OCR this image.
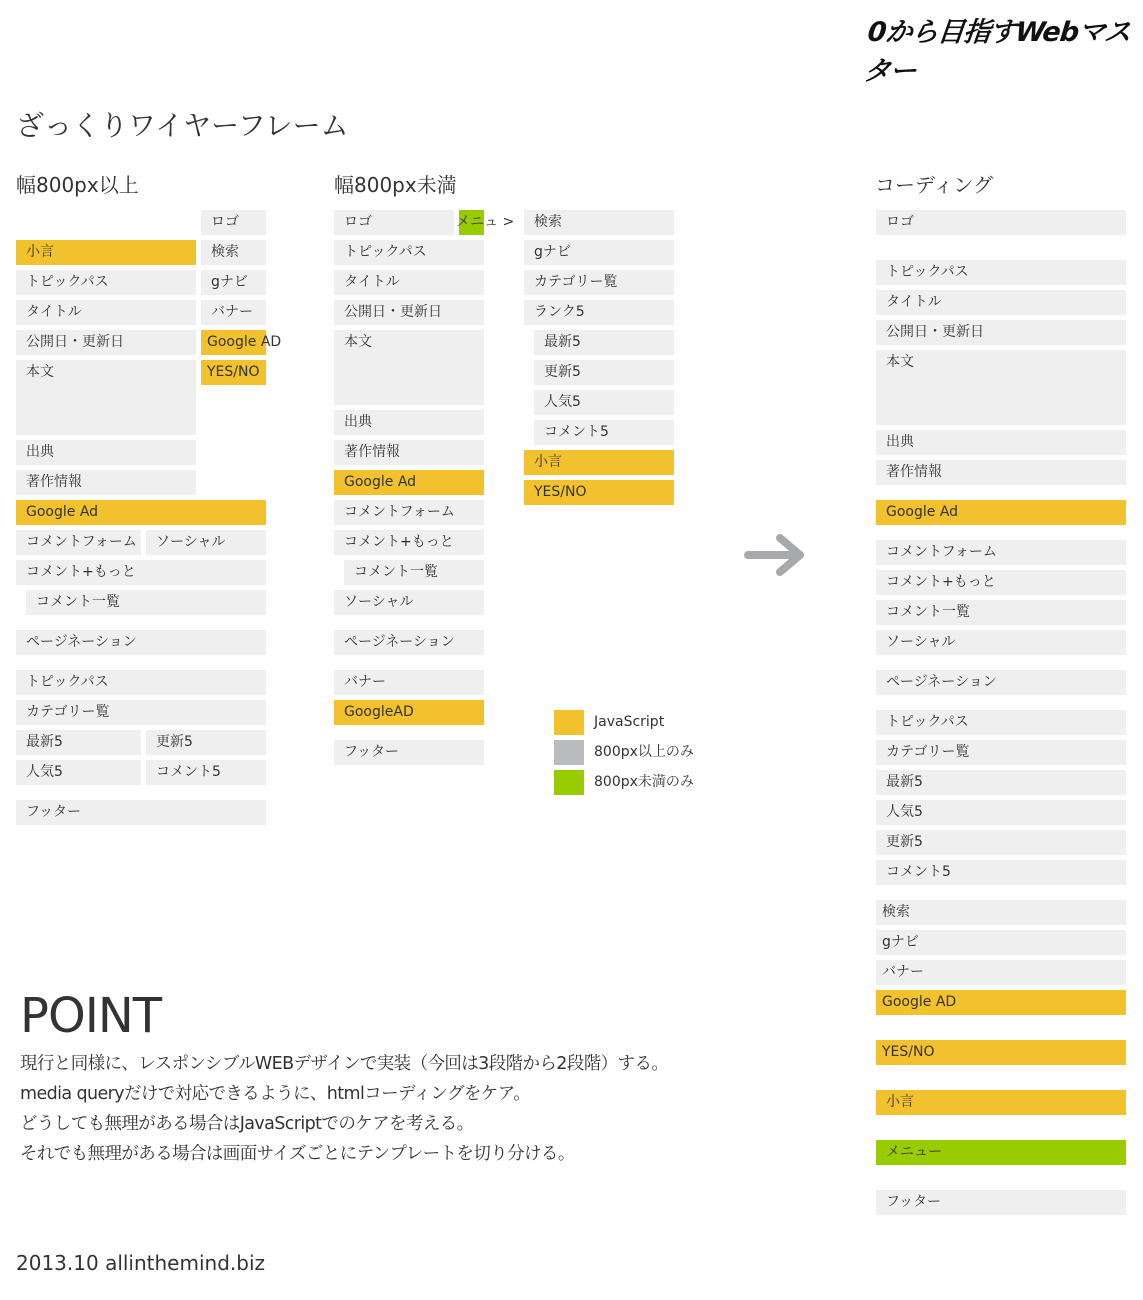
0から目指すWebマスター
ざっくりワイヤーフレーム
幅800px以上
ロゴ
小言	検索
トピックパス	gナビ
タイトル	バナー
公開日・更新日	Google AD
本文	YES/NO
出典
著作情報
Google Ad
コメントフォーム	ソーシャル
コメント+もっと
コメント一覧
ページネーション
トピックパス
カテゴリー覧
最新5	更新5
人気5	コメント5
フッター
幅800px未満
ロゴ	メニュ >
トピックパス
タイトル
公開日・更新日
本文
出典
著作情報
Google Ad
コメントフォーム
コメント+もっと
コメント一覧
ソーシャル
ページネーション
バナー
GoogleAD
フッター
検索
gナビ
カテゴリー覧
ランク5
最新5
更新5
人気5
コメント5
小言
YES/NO
JavaScript
800px以上のみ
800px未満のみ
コーディング
ロゴ
トピックパス
タイトル
公開日・更新日
本文
出典
著作情報
Google Ad
コメントフォーム
コメント+もっと
コメント一覧
ソーシャル
ページネーション
トピックパス
カテゴリー覧
最新5
人気5
更新5
コメント5
検索
gナビ
バナー
Google AD
YES/NO
小言
メニュー
フッター
POINT
現行と同様に、レスポンシブルWEBデザインで実装（今回は3段階から2段階）する。
media queryだけで対応できるように、htmlコーディングをケア。
どうしても無理がある場合はJavaScriptでのケアを考える。
それでも無理がある場合は画面サイズごとにテンプレートを切り分ける。
2013.10 allinthemind.biz
